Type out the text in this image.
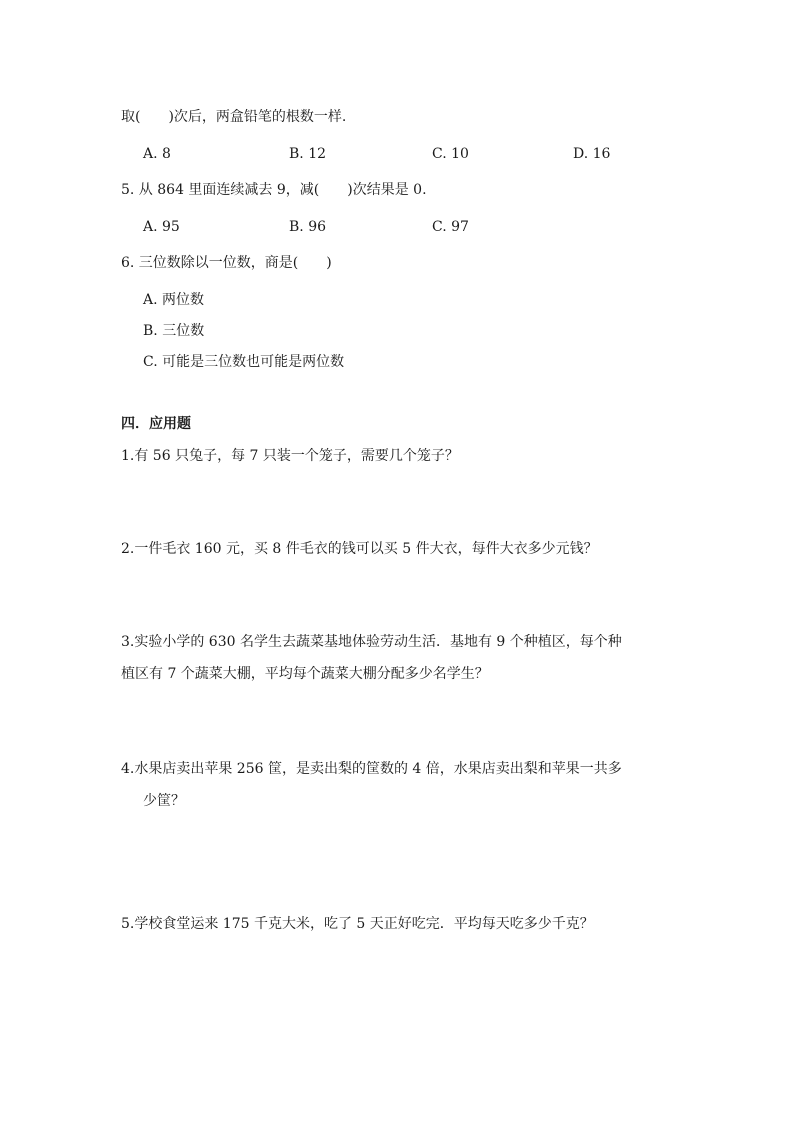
取(　　)次后，两盒铅笔的根数一样.
A. 8	B. 12	C. 10	D. 16
5. 从 864 里面连续减去 9，减(　　)次结果是 0.
A. 95	B. 96	C. 97
6. 三位数除以一位数，商是(　　)
A. 两位数
B. 三位数
C. 可能是三位数也可能是两位数
四．应用题
1.有 56 只兔子，每 7 只装一个笼子，需要几个笼子？
2.一件毛衣 160 元，买 8 件毛衣的钱可以买 5 件大衣，每件大衣多少元钱？
3.实验小学的 630 名学生去蔬菜基地体验劳动生活．基地有 9 个种植区，每个种
植区有 7 个蔬菜大棚，平均每个蔬菜大棚分配多少名学生？
4.水果店卖出苹果 256 筐，是卖出梨的筐数的 4 倍，水果店卖出梨和苹果一共多
少筐？
5.学校食堂运来 175 千克大米，吃了 5 天正好吃完．平均每天吃多少千克？
